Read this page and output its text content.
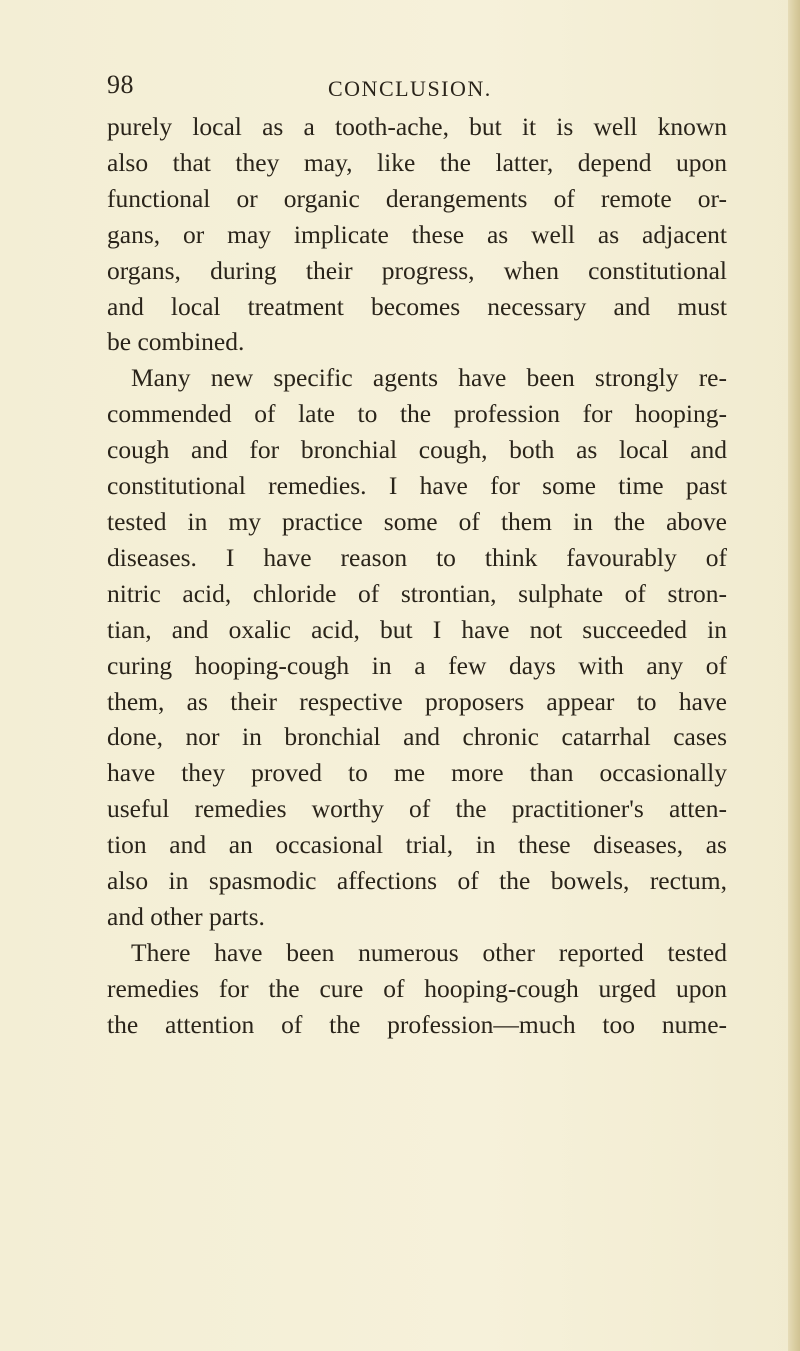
98	CONCLUSION.
purely local as a tooth-ache, but it is well known
also that they may, like the latter, depend upon
functional or organic derangements of remote or-
gans, or may implicate these as well as adjacent
organs, during their progress, when constitutional
and local treatment becomes necessary and must
be combined.
Many new specific agents have been strongly re-
commended of late to the profession for hooping-
cough and for bronchial cough, both as local and
constitutional remedies. I have for some time past
tested in my practice some of them in the above
diseases. I have reason to think favourably of
nitric acid, chloride of strontian, sulphate of stron-
tian, and oxalic acid, but I have not succeeded in
curing hooping-cough in a few days with any of
them, as their respective proposers appear to have
done, nor in bronchial and chronic catarrhal cases
have they proved to me more than occasionally
useful remedies worthy of the practitioner's atten-
tion and an occasional trial, in these diseases, as
also in spasmodic affections of the bowels, rectum,
and other parts.
There have been numerous other reported tested
remedies for the cure of hooping-cough urged upon
the attention of the profession—much too nume-
